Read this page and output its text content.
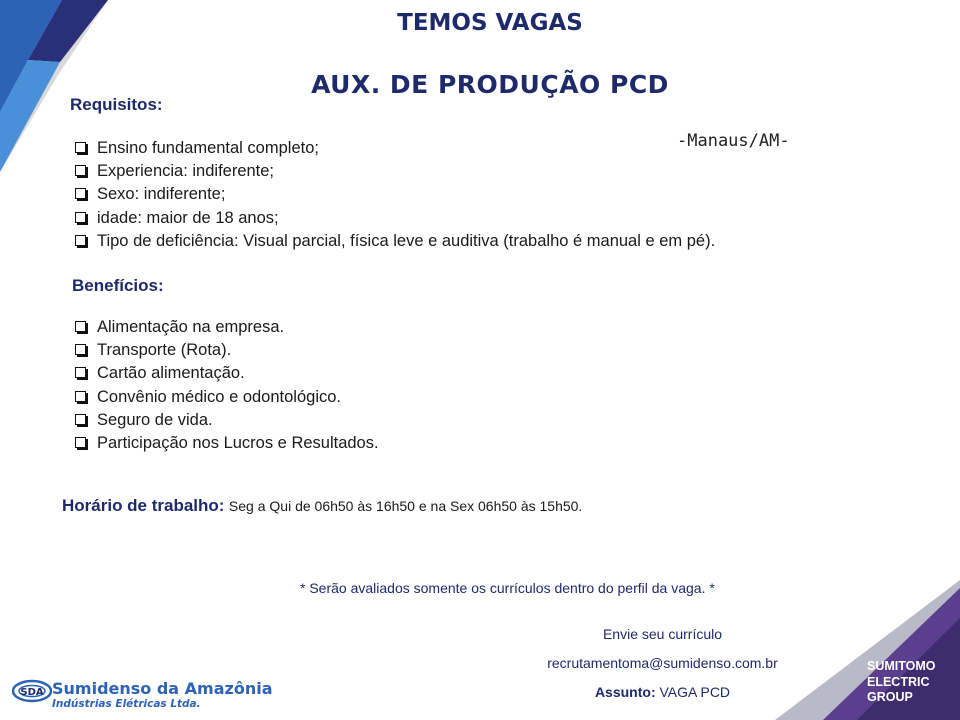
TEMOS VAGAS
AUX. DE PRODUÇÃO PCD
-Manaus/AM-
Requisitos:
Ensino fundamental completo;
Experiencia: indiferente;
Sexo: indiferente;
idade: maior de 18 anos;
Tipo de deficiência: Visual parcial, física leve e auditiva (trabalho é manual e em pé).
Benefícios:
Alimentação na empresa.
Transporte (Rota).
Cartão alimentação.
Convênio médico e odontológico.
Seguro de vida.
Participação nos Lucros e Resultados.
Horário de trabalho: Seg a Qui de 06h50 às 16h50 e na Sex 06h50 às 15h50.
* Serão avaliados somente os currículos dentro do perfil da vaga. *
Envie seu currículo
recrutamentoma@sumidenso.com.br
Assunto: VAGA PCD
SDA Sumidenso da Amazônia
Indústrias Elétricas Ltda.
SUMITOMO
ELECTRIC
GROUP
